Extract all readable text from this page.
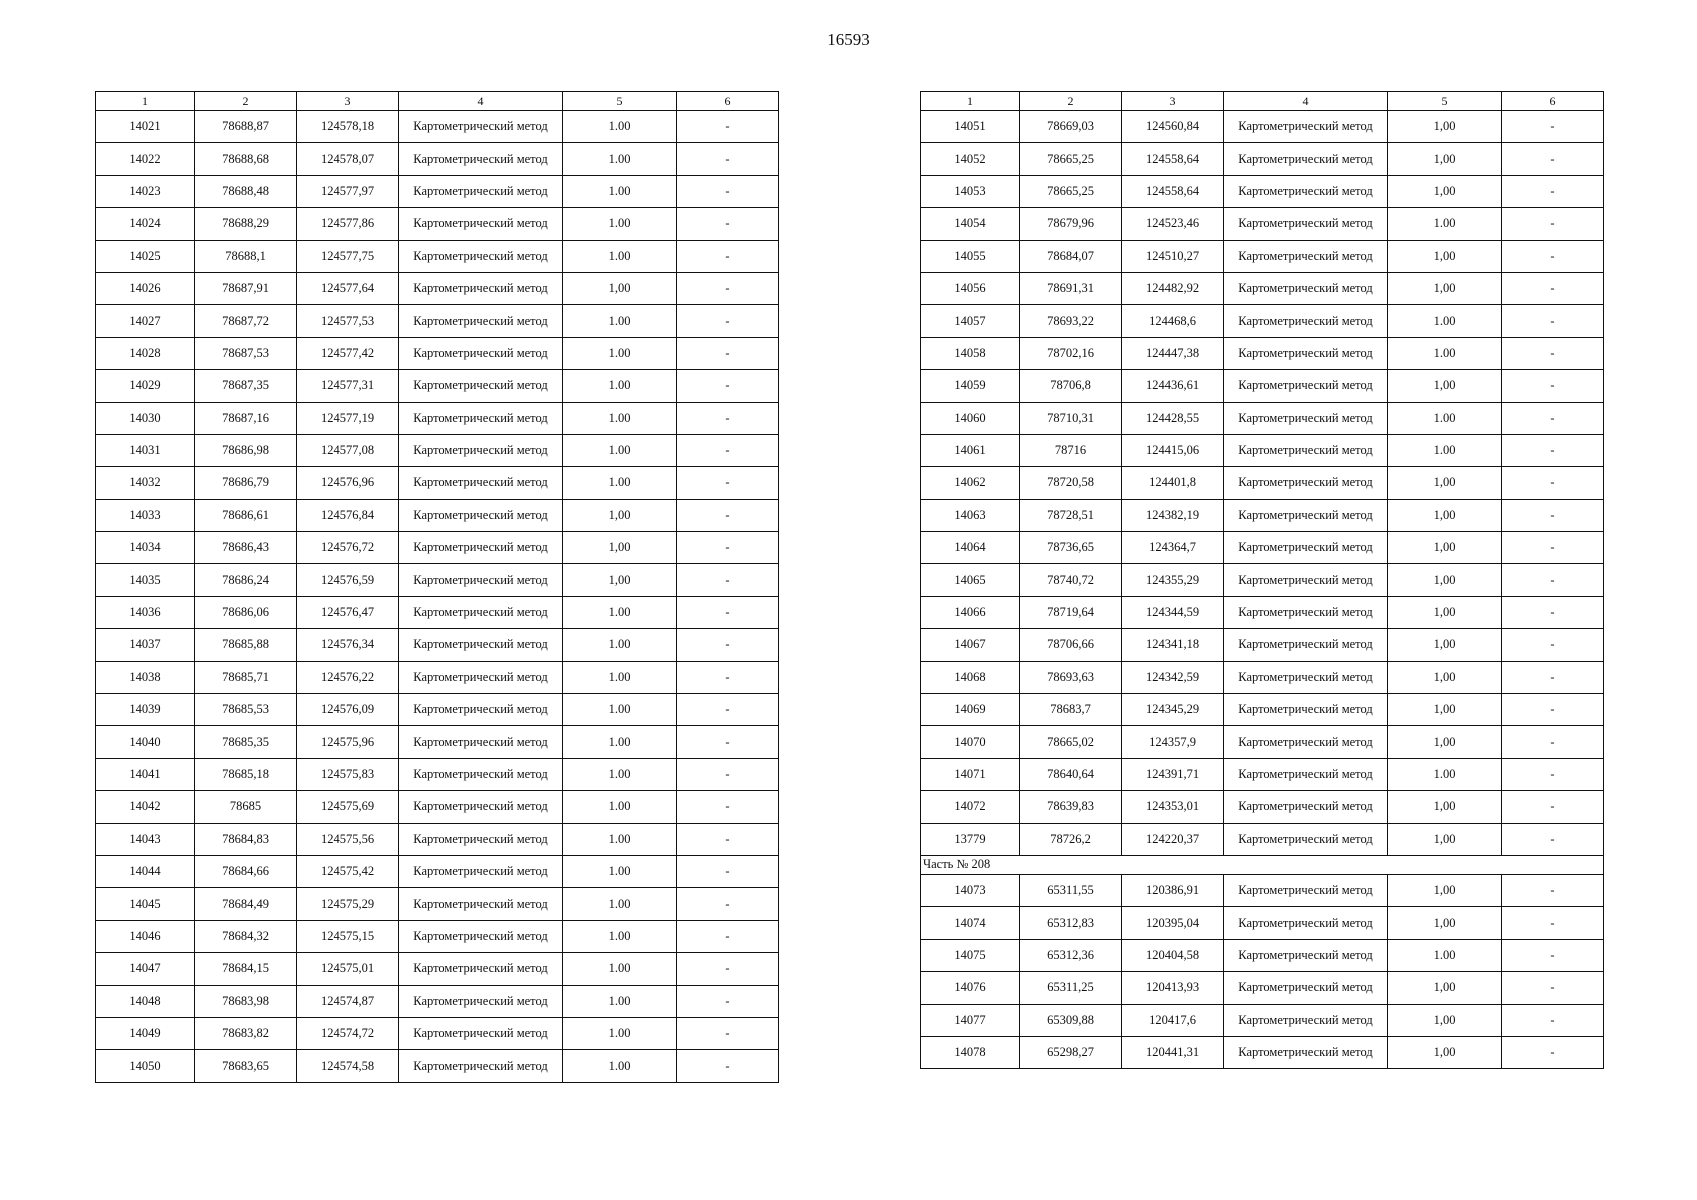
16593
1	2	3	4	5	6
14021	78688,87	124578,18	Картометрический метод	1.00	-
14022	78688,68	124578,07	Картометрический метод	1.00	-
14023	78688,48	124577,97	Картометрический метод	1.00	-
14024	78688,29	124577,86	Картометрический метод	1.00	-
14025	78688,1	124577,75	Картометрический метод	1.00	-
14026	78687,91	124577,64	Картометрический метод	1,00	-
14027	78687,72	124577,53	Картометрический метод	1.00	-
14028	78687,53	124577,42	Картометрический метод	1.00	-
14029	78687,35	124577,31	Картометрический метод	1.00	-
14030	78687,16	124577,19	Картометрический метод	1.00	-
14031	78686,98	124577,08	Картометрический метод	1.00	-
14032	78686,79	124576,96	Картометрический метод	1.00	-
14033	78686,61	124576,84	Картометрический метод	1,00	-
14034	78686,43	124576,72	Картометрический метод	1,00	-
14035	78686,24	124576,59	Картометрический метод	1,00	-
14036	78686,06	124576,47	Картометрический метод	1.00	-
14037	78685,88	124576,34	Картометрический метод	1.00	-
14038	78685,71	124576,22	Картометрический метод	1.00	-
14039	78685,53	124576,09	Картометрический метод	1.00	-
14040	78685,35	124575,96	Картометрический метод	1.00	-
14041	78685,18	124575,83	Картометрический метод	1.00	-
14042	78685	124575,69	Картометрический метод	1.00	-
14043	78684,83	124575,56	Картометрический метод	1.00	-
14044	78684,66	124575,42	Картометрический метод	1.00	-
14045	78684,49	124575,29	Картометрический метод	1.00	-
14046	78684,32	124575,15	Картометрический метод	1.00	-
14047	78684,15	124575,01	Картометрический метод	1.00	-
14048	78683,98	124574,87	Картометрический метод	1.00	-
14049	78683,82	124574,72	Картометрический метод	1.00	-
14050	78683,65	124574,58	Картометрический метод	1.00	-
1	2	3	4	5	6
14051	78669,03	124560,84	Картометрический метод	1,00	-
14052	78665,25	124558,64	Картометрический метод	1,00	-
14053	78665,25	124558,64	Картометрический метод	1,00	-
14054	78679,96	124523,46	Картометрический метод	1.00	-
14055	78684,07	124510,27	Картометрический метод	1,00	-
14056	78691,31	124482,92	Картометрический метод	1,00	-
14057	78693,22	124468,6	Картометрический метод	1.00	-
14058	78702,16	124447,38	Картометрический метод	1.00	-
14059	78706,8	124436,61	Картометрический метод	1,00	-
14060	78710,31	124428,55	Картометрический метод	1.00	-
14061	78716	124415,06	Картометрический метод	1.00	-
14062	78720,58	124401,8	Картометрический метод	1,00	-
14063	78728,51	124382,19	Картометрический метод	1,00	-
14064	78736,65	124364,7	Картометрический метод	1,00	-
14065	78740,72	124355,29	Картометрический метод	1,00	-
14066	78719,64	124344,59	Картометрический метод	1,00	-
14067	78706,66	124341,18	Картометрический метод	1,00	-
14068	78693,63	124342,59	Картометрический метод	1,00	-
14069	78683,7	124345,29	Картометрический метод	1,00	-
14070	78665,02	124357,9	Картометрический метод	1,00	-
14071	78640,64	124391,71	Картометрический метод	1.00	-
14072	78639,83	124353,01	Картометрический метод	1,00	-
13779	78726,2	124220,37	Картометрический метод	1,00	-
Часть № 208					
14073	65311,55	120386,91	Картометрический метод	1,00	-
14074	65312,83	120395,04	Картометрический метод	1,00	-
14075	65312,36	120404,58	Картометрический метод	1.00	-
14076	65311,25	120413,93	Картометрический метод	1,00	-
14077	65309,88	120417,6	Картометрический метод	1,00	-
14078	65298,27	120441,31	Картометрический метод	1,00	-
